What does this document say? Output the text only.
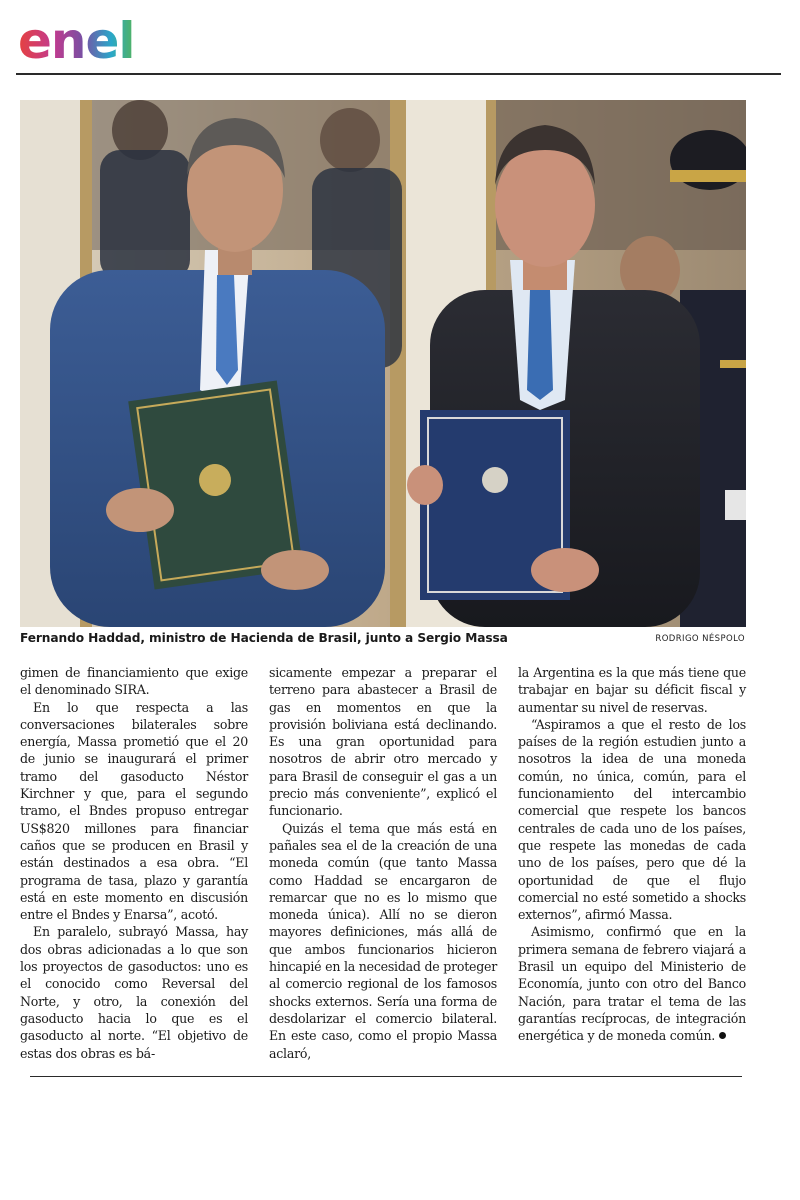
enel
Fernando Haddad, ministro de Hacienda de Brasil, junto a Sergio Massa	RODRIGO NÉSPOLO

gimen de financiamiento que exige el denominado SIRA.

En lo que respecta a las conversaciones bilaterales sobre energía, Massa prometió que el 20 de junio se inaugurará el primer tramo del gasoducto Néstor Kirchner y que, para el segundo tramo, el Bndes propuso entregar US$820 millones para financiar caños que se producen en Brasil y están destinados a esa obra. “El programa de tasa, plazo y garantía está en este momento en discusión entre el Bndes y Enarsa”, acotó.

En paralelo, subrayó Massa, hay dos obras adicionadas a lo que son los proyectos de gasoductos: uno es el conocido como Reversal del Norte, y otro, la conexión del gasoducto hacia lo que es el gasoducto al norte. “El objetivo de estas dos obras es bá-

sicamente empezar a preparar el terreno para abastecer a Brasil de gas en momentos en que la provisión boliviana está declinando. Es una gran oportunidad para nosotros de abrir otro mercado y para Brasil de conseguir el gas a un precio más conveniente”, explicó el funcionario.

Quizás el tema que más está en pañales sea el de la creación de una moneda común (que tanto Massa como Haddad se encargaron de remarcar que no es lo mismo que moneda única). Allí no se dieron mayores definiciones, más allá de que ambos funcionarios hicieron hincapié en la necesidad de proteger al comercio regional de los famosos shocks externos. Sería una forma de desdolarizar el comercio bilateral. En este caso, como el propio Massa aclaró,

la Argentina es la que más tiene que trabajar en bajar su déficit fiscal y aumentar su nivel de reservas.

“Aspiramos a que el resto de los países de la región estudien junto a nosotros la idea de una moneda común, no única, común, para el funcionamiento del intercambio comercial que respete los bancos centrales de cada uno de los países, que respete las monedas de cada uno de los países, pero que dé la oportunidad de que el flujo comercial no esté sometido a shocks externos”, afirmó Massa.

Asimismo, confirmó que en la primera semana de febrero viajará a Brasil un equipo del Ministerio de Economía, junto con otro del Banco Nación, para tratar el tema de las garantías recíprocas, de integración energética y de moneda común.
